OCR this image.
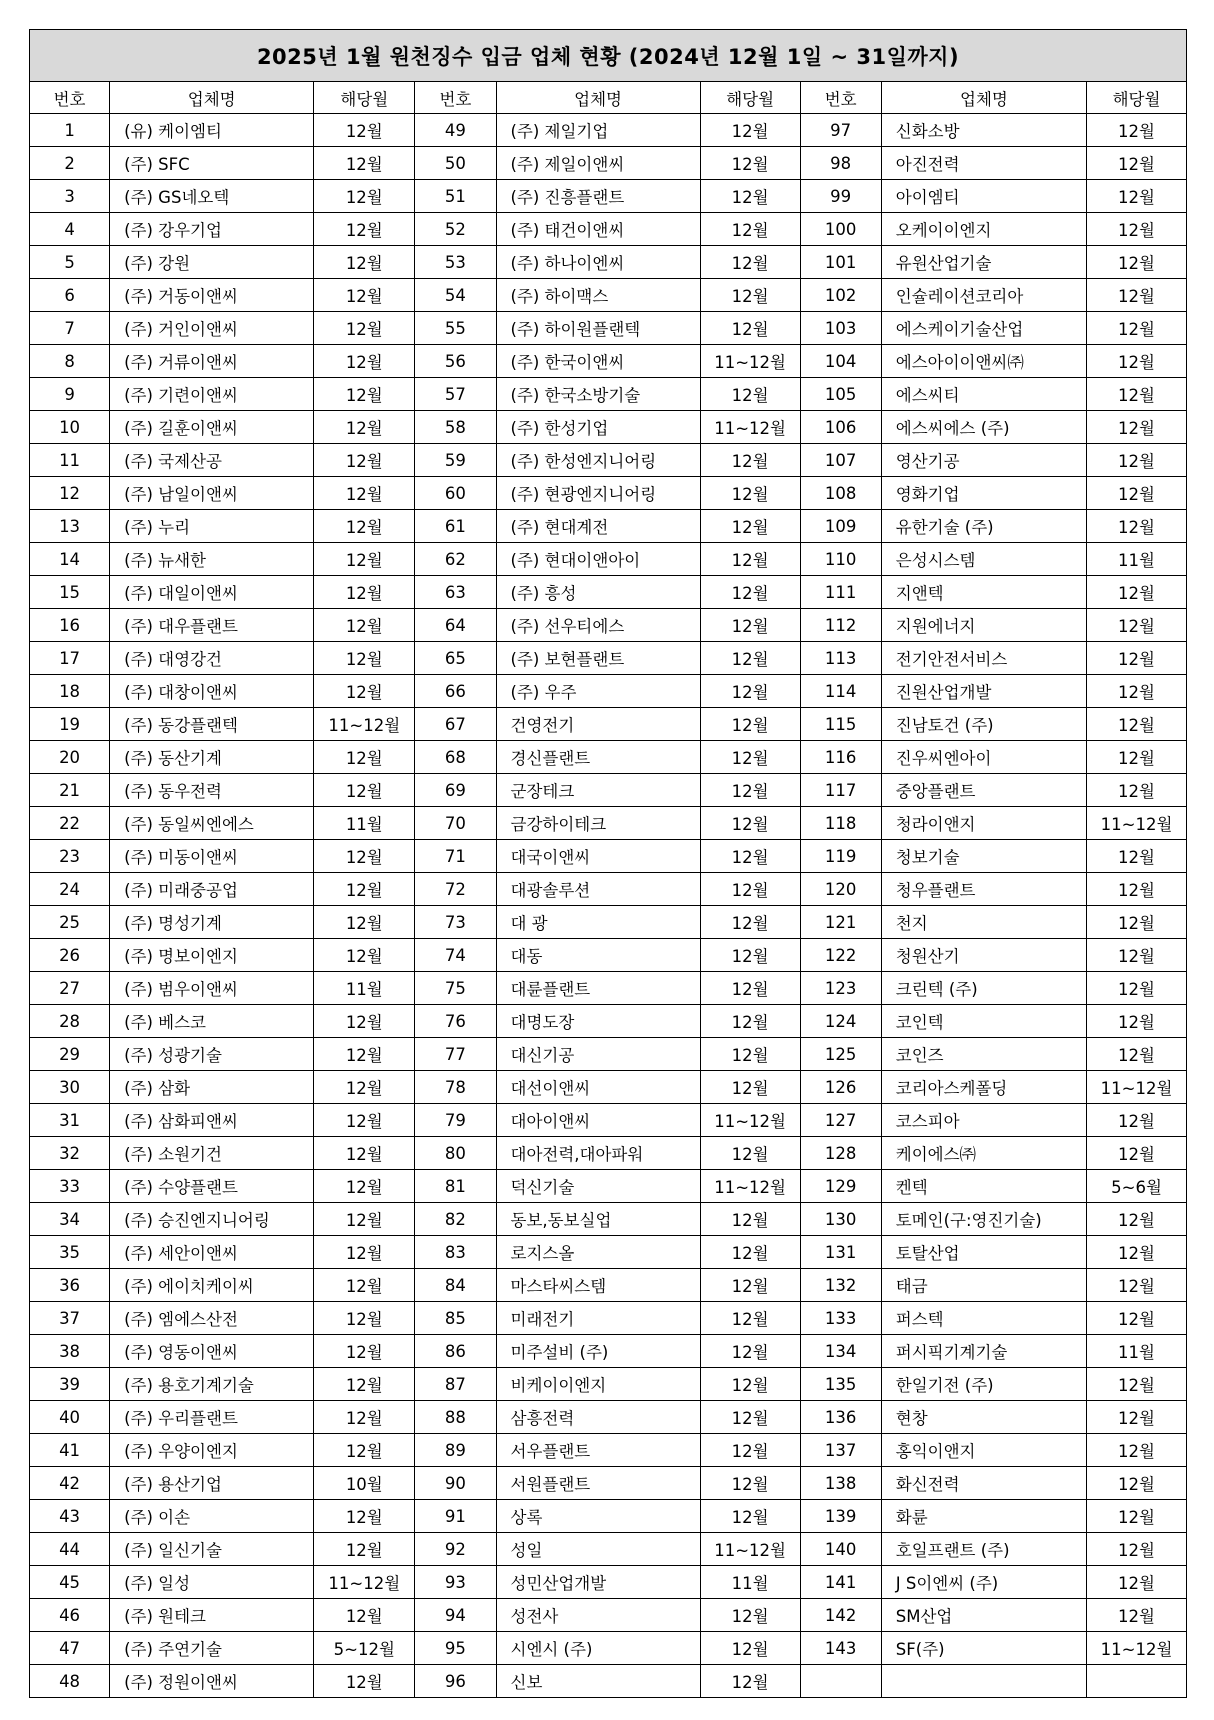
2025년 1월 원천징수 입금 업체 현황 (2024년 12월 1일 ~ 31일까지)								
번호	업체명	해당월	번호	업체명	해당월	번호	업체명	해당월
1	(유) 케이엠티	12월	49	(주) 제일기업	12월	97	신화소방	12월
2	(주) SFC	12월	50	(주) 제일이앤씨	12월	98	아진전력	12월
3	(주) GS네오텍	12월	51	(주) 진흥플랜트	12월	99	아이엠티	12월
4	(주) 강우기업	12월	52	(주) 태건이앤씨	12월	100	오케이이엔지	12월
5	(주) 강원	12월	53	(주) 하나이엔씨	12월	101	유원산업기술	12월
6	(주) 거동이앤씨	12월	54	(주) 하이맥스	12월	102	인슐레이션코리아	12월
7	(주) 거인이앤씨	12월	55	(주) 하이원플랜텍	12월	103	에스케이기술산업	12월
8	(주) 거류이앤씨	12월	56	(주) 한국이앤씨	11~12월	104	에스아이이앤씨㈜	12월
9	(주) 기련이앤씨	12월	57	(주) 한국소방기술	12월	105	에스씨티	12월
10	(주) 길훈이앤씨	12월	58	(주) 한성기업	11~12월	106	에스씨에스 (주)	12월
11	(주) 국제산공	12월	59	(주) 한성엔지니어링	12월	107	영산기공	12월
12	(주) 남일이앤씨	12월	60	(주) 현광엔지니어링	12월	108	영화기업	12월
13	(주) 누리	12월	61	(주) 현대계전	12월	109	유한기술 (주)	12월
14	(주) 뉴새한	12월	62	(주) 현대이앤아이	12월	110	은성시스템	11월
15	(주) 대일이앤씨	12월	63	(주) 흥성	12월	111	지앤텍	12월
16	(주) 대우플랜트	12월	64	(주) 선우티에스	12월	112	지원에너지	12월
17	(주) 대영강건	12월	65	(주) 보현플랜트	12월	113	전기안전서비스	12월
18	(주) 대창이앤씨	12월	66	(주) 우주	12월	114	진원산업개발	12월
19	(주) 동강플랜텍	11~12월	67	건영전기	12월	115	진남토건 (주)	12월
20	(주) 동산기계	12월	68	경신플랜트	12월	116	진우씨엔아이	12월
21	(주) 동우전력	12월	69	군장테크	12월	117	중앙플랜트	12월
22	(주) 동일씨엔에스	11월	70	금강하이테크	12월	118	청라이앤지	11~12월
23	(주) 미동이앤씨	12월	71	대국이앤씨	12월	119	청보기술	12월
24	(주) 미래중공업	12월	72	대광솔루션	12월	120	청우플랜트	12월
25	(주) 명성기계	12월	73	대 광	12월	121	천지	12월
26	(주) 명보이엔지	12월	74	대동	12월	122	청원산기	12월
27	(주) 범우이앤씨	11월	75	대륜플랜트	12월	123	크린텍 (주)	12월
28	(주) 베스코	12월	76	대명도장	12월	124	코인텍	12월
29	(주) 성광기술	12월	77	대신기공	12월	125	코인즈	12월
30	(주) 삼화	12월	78	대선이앤씨	12월	126	코리아스케폴딩	11~12월
31	(주) 삼화피앤씨	12월	79	대아이앤씨	11~12월	127	코스피아	12월
32	(주) 소원기건	12월	80	대아전력,대아파워	12월	128	케이에스㈜	12월
33	(주) 수양플랜트	12월	81	덕신기술	11~12월	129	켄텍	5~6월
34	(주) 승진엔지니어링	12월	82	동보,동보실업	12월	130	토메인(구:영진기술)	12월
35	(주) 세안이앤씨	12월	83	로지스올	12월	131	토탈산업	12월
36	(주) 에이치케이씨	12월	84	마스타씨스템	12월	132	태금	12월
37	(주) 엠에스산전	12월	85	미래전기	12월	133	퍼스텍	12월
38	(주) 영동이앤씨	12월	86	미주설비 (주)	12월	134	퍼시픽기계기술	11월
39	(주) 용호기계기술	12월	87	비케이이엔지	12월	135	한일기전 (주)	12월
40	(주) 우리플랜트	12월	88	삼흥전력	12월	136	현창	12월
41	(주) 우양이엔지	12월	89	서우플랜트	12월	137	홍익이앤지	12월
42	(주) 용산기업	10월	90	서원플랜트	12월	138	화신전력	12월
43	(주) 이손	12월	91	상록	12월	139	화륜	12월
44	(주) 일신기술	12월	92	성일	11~12월	140	호일프랜트 (주)	12월
45	(주) 일성	11~12월	93	성민산업개발	11월	141	J S이엔씨 (주)	12월
46	(주) 원테크	12월	94	성전사	12월	142	SM산업	12월
47	(주) 주연기술	5~12월	95	시엔시 (주)	12월	143	SF(주)	11~12월
48	(주) 정원이앤씨	12월	96	신보	12월			
